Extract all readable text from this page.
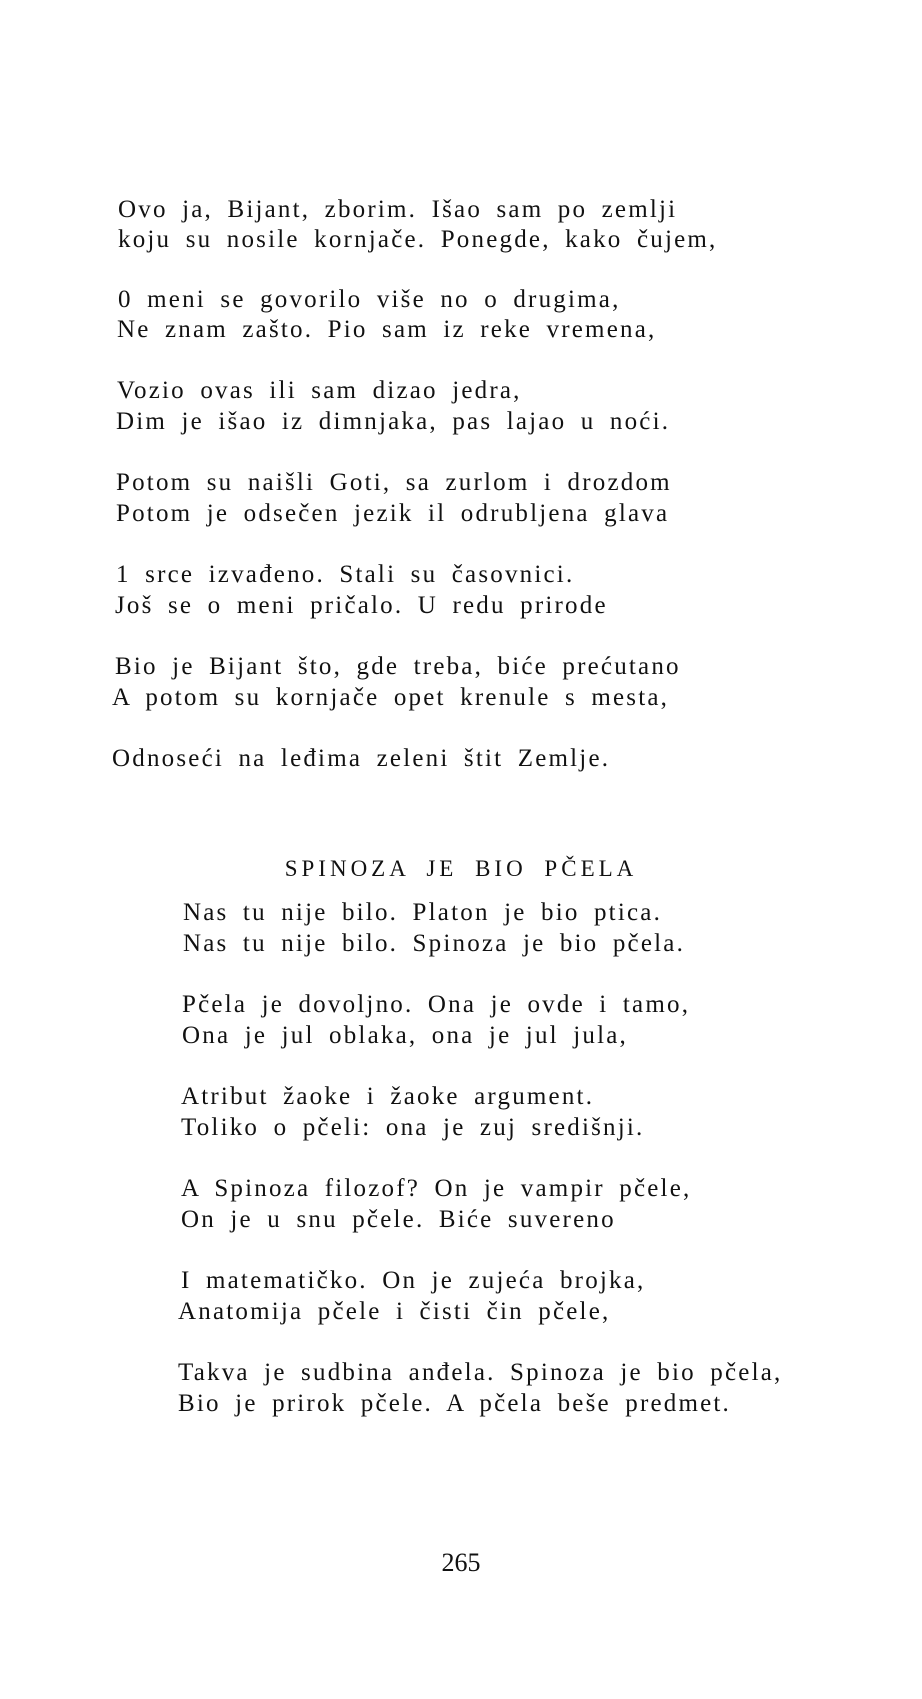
Ovo ja, Bijant, zborim. Išao sam po zemlji
koju su nosile kornjače. Ponegde, kako čujem,
0 meni se govorilo više no o drugima,
Ne znam zašto. Pio sam iz reke vremena,
Vozio ovas ili sam dizao jedra,
Dim je išao iz dimnjaka, pas lajao u noći.
Potom su naišli Goti, sa zurlom i drozdom
Potom je odsečen jezik il odrubljena glava
1 srce izvađeno. Stali su časovnici.
Još se o meni pričalo. U redu prirode
Bio je Bijant što, gde treba, biće prećutano
A potom su kornjače opet krenule s mesta,
Odnoseći na leđima zeleni štit Zemlje.
SPINOZA JE BIO PČELA
Nas tu nije bilo. Platon je bio ptica.
Nas tu nije bilo. Spinoza je bio pčela.
Pčela je dovoljno. Ona je ovde i tamo,
Ona je jul oblaka, ona je jul jula,
Atribut žaoke i žaoke argument.
Toliko o pčeli: ona je zuj središnji.
A Spinoza filozof? On je vampir pčele,
On je u snu pčele. Biće suvereno
I matematičko. On je zujeća brojka,
Anatomija pčele i čisti čin pčele,
Takva je sudbina anđela. Spinoza je bio pčela,
Bio je prirok pčele. A pčela beše predmet.
265
